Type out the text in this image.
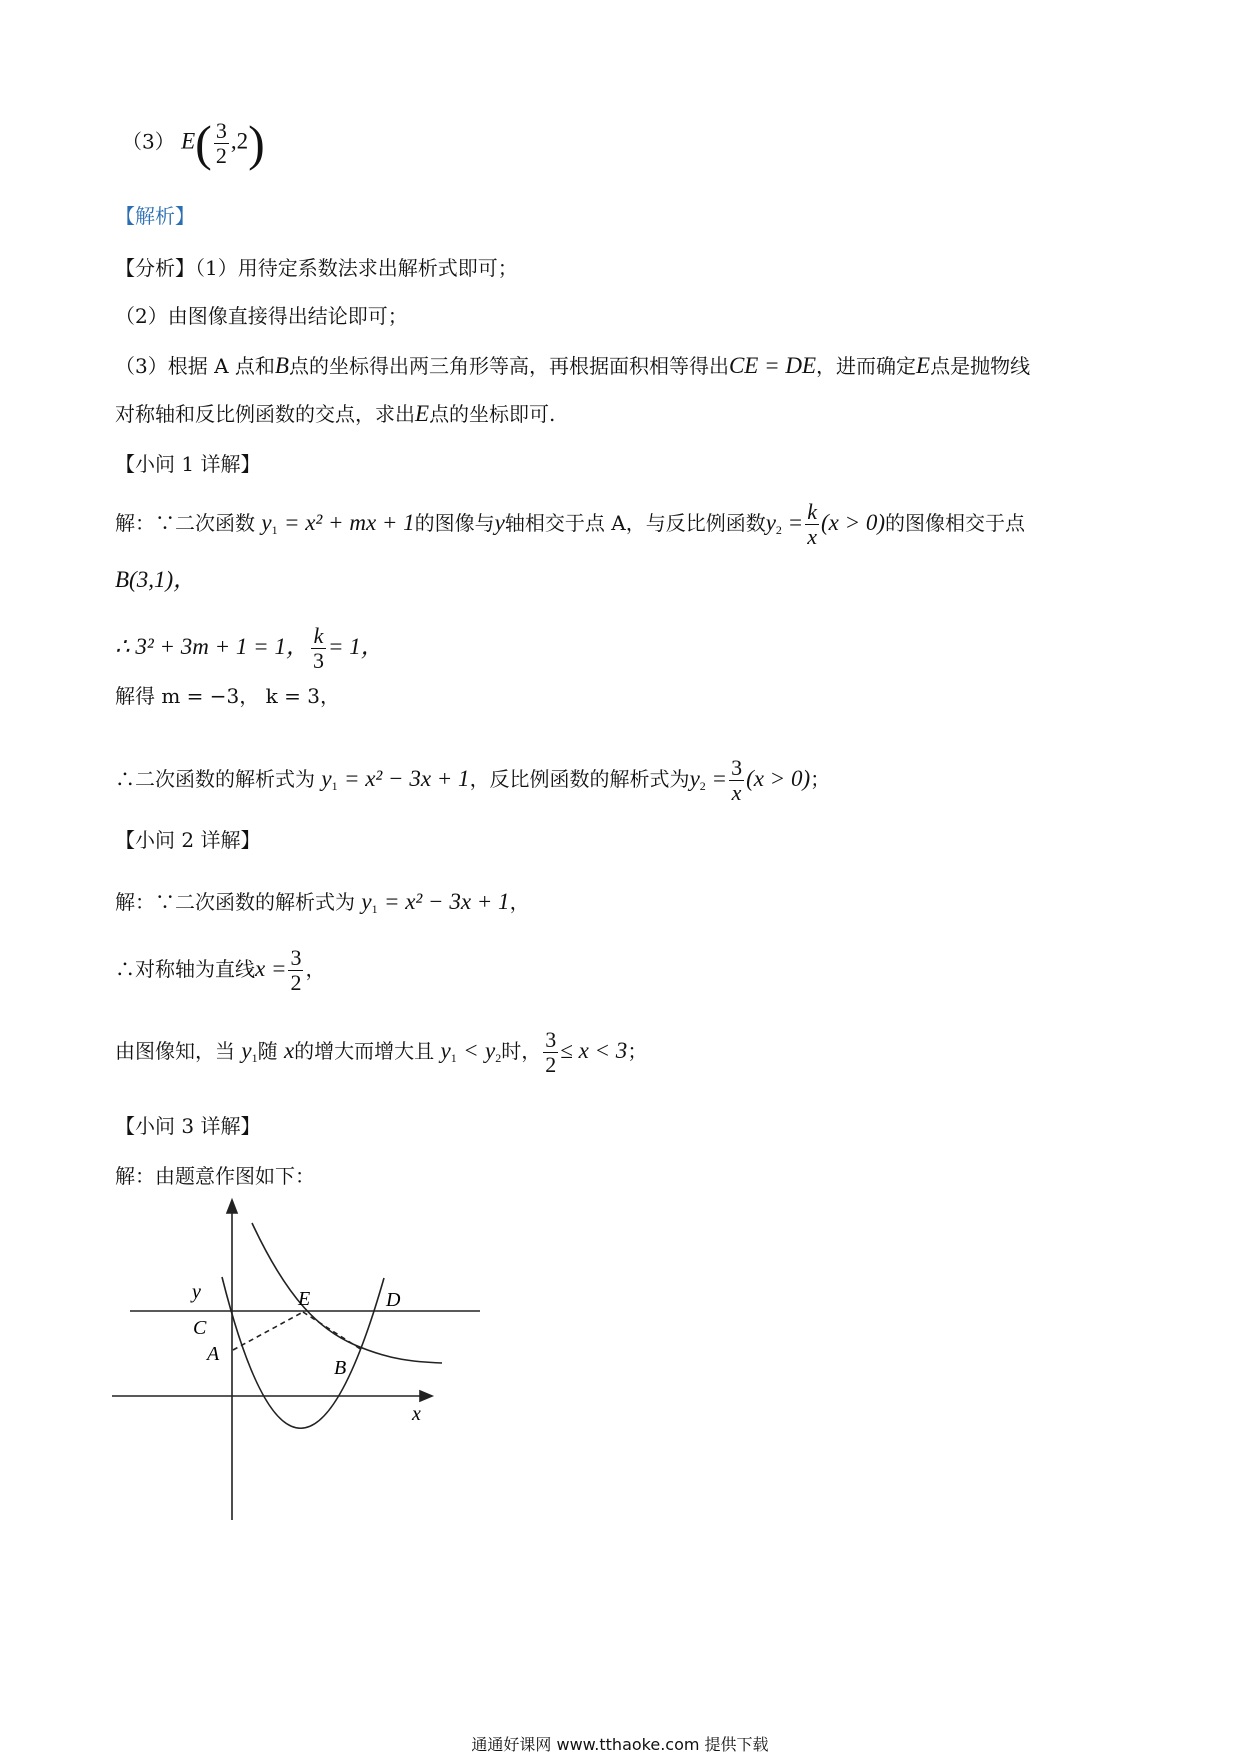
（3） $E( \frac{3}{2} ,2)$
【解析】
【分析】（1）用待定系数法求出解析式即可；
（2）由图像直接得出结论即可；
（3）根据 A 点和B点的坐标得出两三角形等高，再根据面积相等得出CE = DE，进而确定E点是抛物线
对称轴和反比例函数的交点，求出E点的坐标即可.
【小问 1 详解】
解：∵二次函数 $y_1 = x^2$ + mx + 1的图像与y轴相交于点 A，与反比例函数$y_2 = \frac{k}{x} (x > 0)$的图像相交于点
B(3,1)，
∴ 3² + 3m + 1 = 1， $\frac{k}{3} = 1$，
解得 m = −3， k = 3，
∴二次函数的解析式为 $y_1 = x^2 - 3x + 1$，反比例函数的解析式为$y_2 = \frac{3}{x} (x > 0)$；
【小问 2 详解】
解：∵二次函数的解析式为 $y_1 = x^2 - 3x + 1$，
∴对称轴为直线$x = \frac{3}{2}$ ，
由图像知，当 $y_1$随 x的增大而增大且 $y_1 < y_2$时， $\frac{3}{2} \le x < 3$；
【小问 3 详解】
解：由题意作图如下：
y
C
A
E	D
B
x
通通好课网 www.tthaoke.com 提供下载
